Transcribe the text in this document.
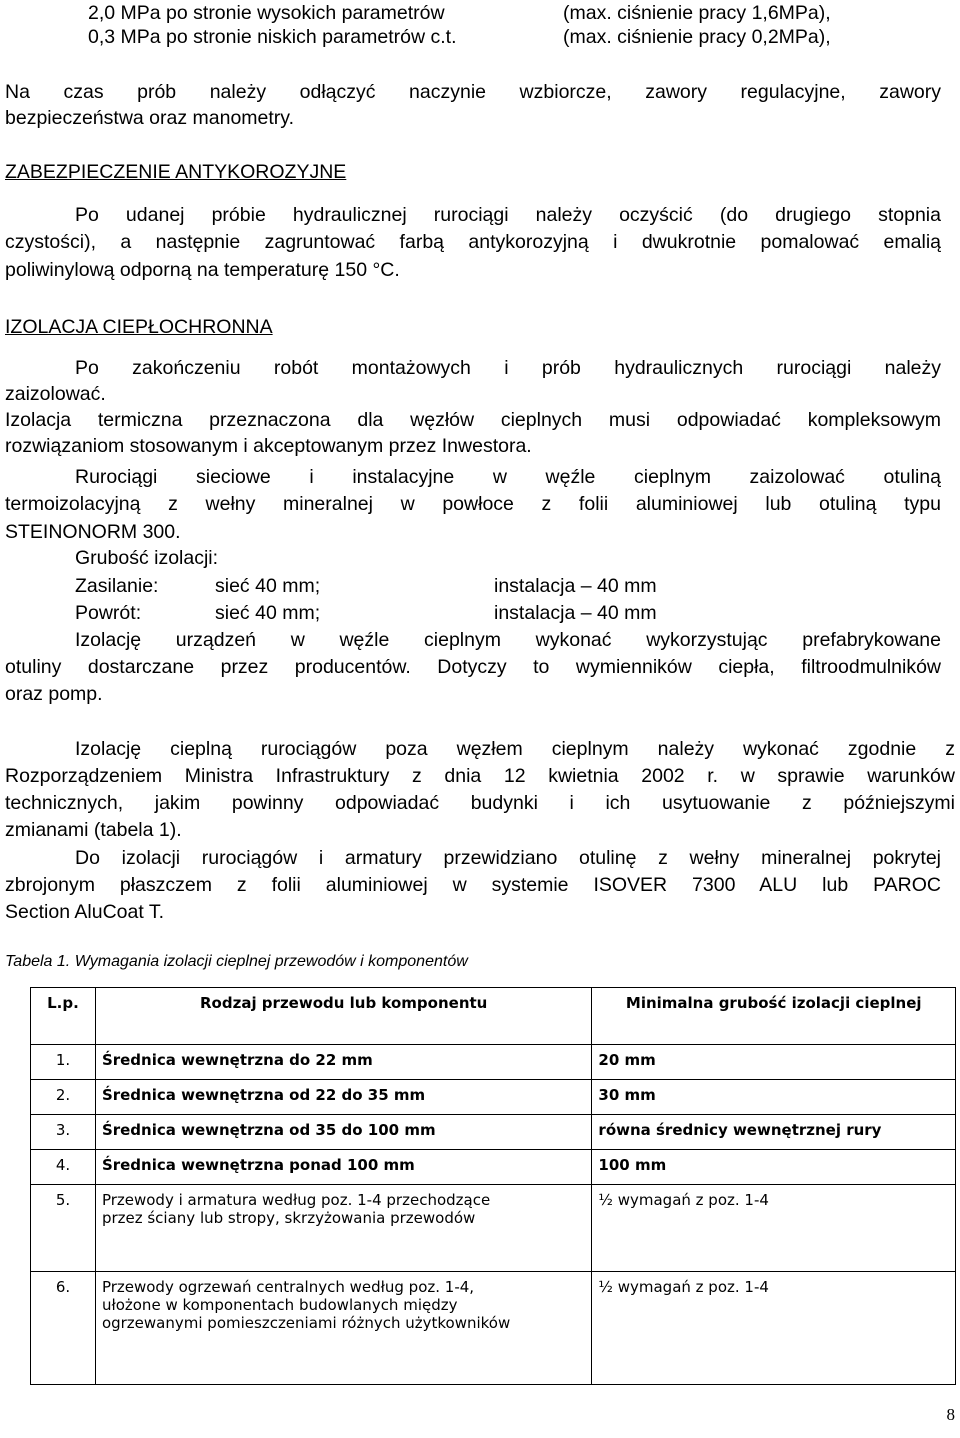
2,0 MPa po stronie wysokich parametrów	(max. ciśnienie pracy 1,6MPa),
0,3 MPa po stronie niskich parametrów c.t.	(max. ciśnienie pracy 0,2MPa),
Na czas prób należy odłączyć naczynie wzbiorcze, zawory regulacyjne, zawory
bezpieczeństwa oraz manometry.
ZABEZPIECZENIE ANTYKOROZYJNE
Po udanej próbie hydraulicznej rurociągi należy oczyścić (do drugiego stopnia
czystości), a następnie zagruntować farbą antykorozyjną i dwukrotnie pomalować emalią
poliwinylową odporną na temperaturę 150 °C.
IZOLACJA CIEPŁOCHRONNA
Po zakończeniu robót montażowych i prób hydraulicznych rurociągi należy
zaizolować.
Izolacja termiczna przeznaczona dla węzłów cieplnych musi odpowiadać kompleksowym
rozwiązaniom stosowanym i akceptowanym przez Inwestora.
Rurociągi sieciowe i instalacyjne w węźle cieplnym zaizolować otuliną
termoizolacyjną z wełny mineralnej w powłoce z folii aluminiowej lub otuliną typu
STEINONORM 300.
Grubość izolacji:
Zasilanie:	sieć 40 mm;	instalacja – 40 mm
Powrót:	sieć 40 mm;	instalacja – 40 mm
Izolację urządzeń w węźle cieplnym wykonać wykorzystując prefabrykowane
otuliny dostarczane przez producentów. Dotyczy to wymienników ciepła, filtroodmulników
oraz pomp.
Izolację cieplną rurociągów poza węzłem cieplnym należy wykonać zgodnie z
Rozporządzeniem Ministra Infrastruktury z dnia 12 kwietnia 2002 r. w sprawie warunków
technicznych, jakim powinny odpowiadać budynki i ich usytuowanie z późniejszymi
zmianami (tabela 1).
Do izolacji rurociągów i armatury przewidziano otulinę z wełny mineralnej pokrytej
zbrojonym płaszczem z folii aluminiowej w systemie ISOVER 7300 ALU lub PAROC
Section AluCoat T.
Tabela 1. Wymagania izolacji cieplnej przewodów i komponentów
L.p.	Rodzaj przewodu lub komponentu	Minimalna grubość izolacji cieplnej
1.	Średnica wewnętrzna do 22 mm	20 mm
2.	Średnica wewnętrzna od 22 do 35 mm	30 mm
3.	Średnica wewnętrzna od 35 do 100 mm	równa średnicy wewnętrznej rury
4.	Średnica wewnętrzna ponad 100 mm	100 mm
5.	Przewody i armatura według poz. 1-4 przechodzące przez ściany lub stropy, skrzyżowania przewodów	½ wymagań z poz. 1-4
6.	Przewody ogrzewań centralnych według poz. 1-4, ułożone w komponentach budowlanych między ogrzewanymi pomieszczeniami różnych użytkowników	½ wymagań z poz. 1-4
8
